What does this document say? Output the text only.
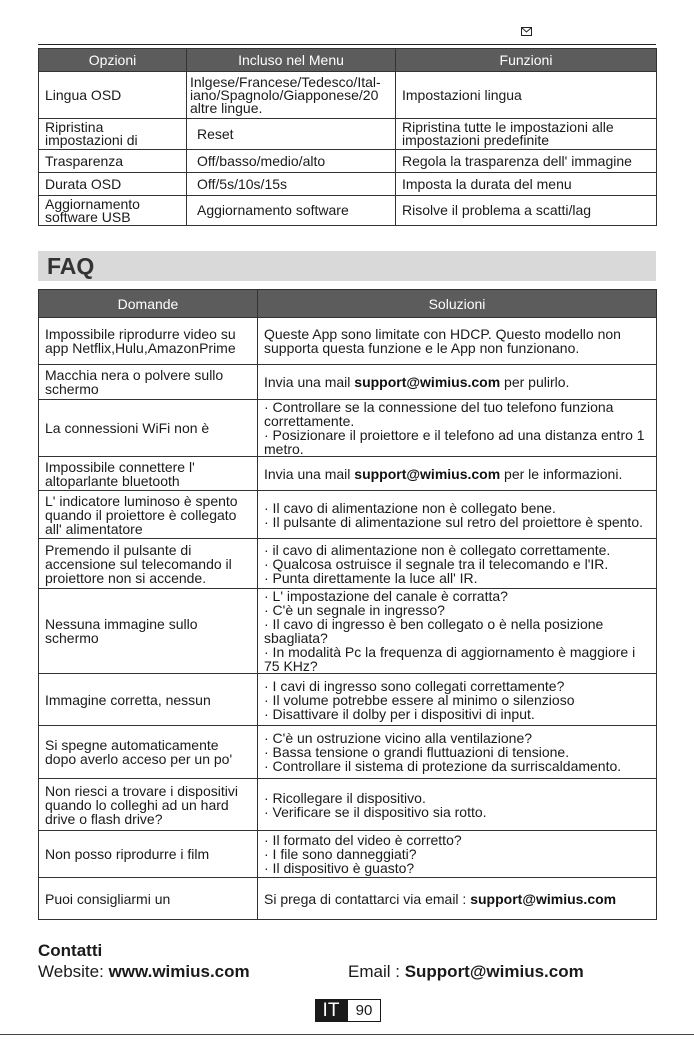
Opzioni	Incluso nel Menu	Funzioni
Lingua OSD	Inlgese/Francese/Tedesco/Ital-iano/Spagnolo/Giapponese/20 altre lingue.	Impostazioni lingua
Ripristina impostazioni di	Reset	Ripristina tutte le impostazioni alle impostazioni predefinite
Trasparenza	Off/basso/medio/alto	Regola la trasparenza dell' immagine
Durata OSD	Off/5s/10s/15s	Imposta la durata del menu
Aggiornamento software USB	Aggiornamento software	Risolve il problema a scatti/lag
FAQ
Domande	Soluzioni
Impossibile riprodurre video su app Netflix,Hulu,AmazonPrime	Queste App sono limitate con HDCP. Questo modello non supporta questa funzione e le App non funzionano.

Macchia nera o polvere sullo schermo	Invia una mail support@wimius.com per pulirlo.
La connessioni WiFi non è	· Controllare se la connessione del tuo telefono funziona correttamente.
· Posizionare il proiettore e il telefono ad una distanza entro 1 metro.

Impossibile connettere l' altoparlante bluetooth	Invia una mail support@wimius.com per le informazioni.
L' indicatore luminoso è spento quando il proiettore è collegato all' alimentatore	· Il cavo di alimentazione non è collegato bene.
· Il pulsante di alimentazione sul retro del proiettore è spento.

Premendo il pulsante di accensione sul telecomando il proiettore non si accende.	· il cavo di alimentazione non è collegato correttamente.
· Qualcosa ostruisce il segnale tra il telecomando e l'IR.
· Punta direttamente la luce all' IR.

Nessuna immagine sullo schermo	· L' impostazione del canale è corratta?
· C'è un segnale in ingresso?
· Il cavo di ingresso è ben collegato o è nella posizione sbagliata?
· In modalità Pc la frequenza di aggiornamento è maggiore i 75 KHz?

Immagine corretta, nessun	· I cavi di ingresso sono collegati correttamente?
· Il volume potrebbe essere al minimo o silenzioso
· Disattivare il dolby per i dispositivi di input.

Si spegne automaticamente dopo averlo acceso per un po'	· C'è un ostruzione vicino alla ventilazione?
· Bassa tensione o grandi fluttuazioni di tensione.
· Controllare il sistema di protezione da surriscaldamento.

Non riesci a trovare i dispositivi quando lo colleghi ad un hard drive o flash drive?	· Ricollegare il dispositivo.
· Verificare se il dispositivo sia rotto.

Non posso riprodurre i film	· Il formato del video è corretto?
· I file sono danneggiati?
· Il dispositivo è guasto?

Puoi consigliarmi un	Si prega di contattarci via email : support@wimius.com
Contatti
Website: www.wimius.com	Email : Support@wimius.com
IT	90
